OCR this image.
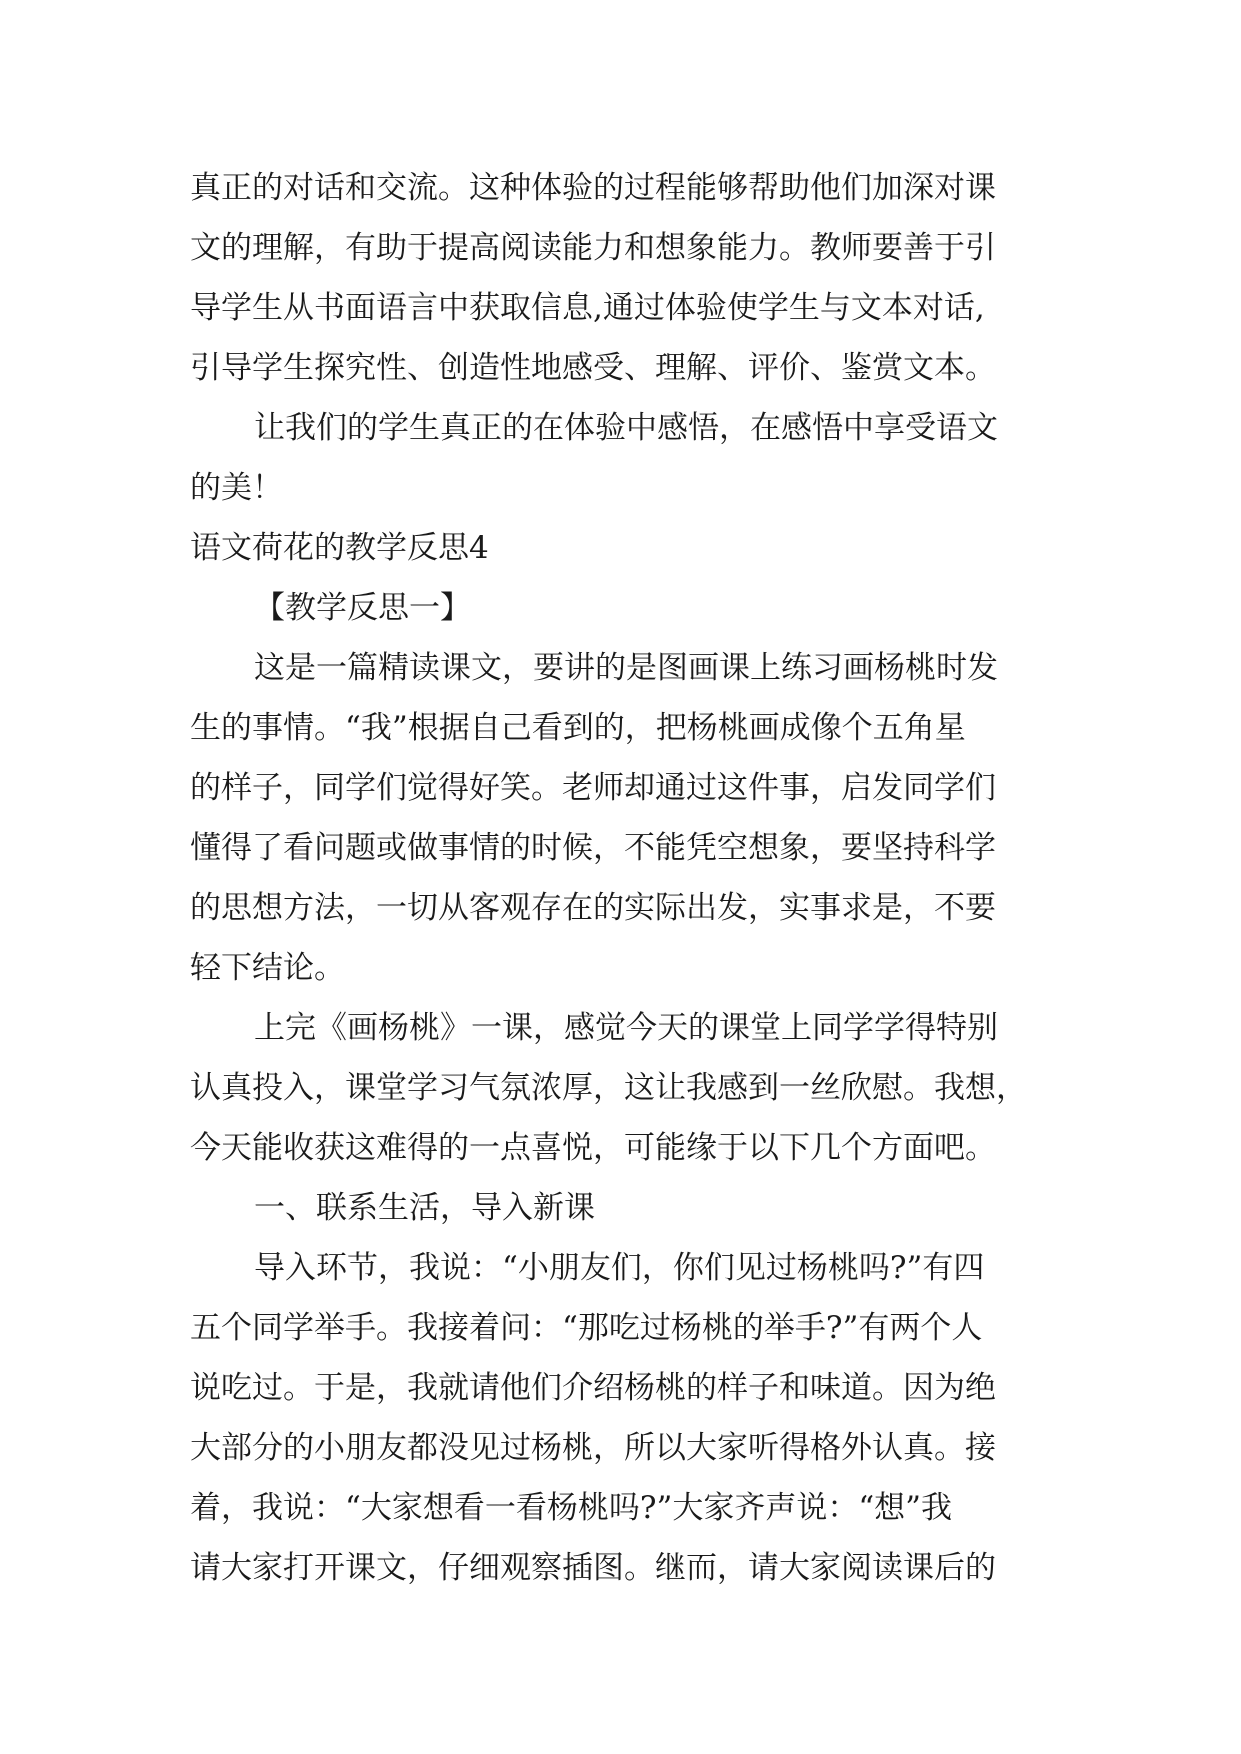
真正的对话和交流。这种体验的过程能够帮助他们加深对课
文的理解，有助于提高阅读能力和想象能力。教师要善于引
导学生从书面语言中获取信息,通过体验使学生与文本对话,
引导学生探究性、创造性地感受、理解、评价、鉴赏文本。
让我们的学生真正的在体验中感悟，在感悟中享受语文
的美！
语文荷花的教学反思4
【教学反思一】
这是一篇精读课文，要讲的是图画课上练习画杨桃时发
生的事情。“我”根据自己看到的，把杨桃画成像个五角星
的样子，同学们觉得好笑。老师却通过这件事，启发同学们
懂得了看问题或做事情的时候，不能凭空想象，要坚持科学
的思想方法，一切从客观存在的实际出发，实事求是，不要
轻下结论。
上完《画杨桃》一课，感觉今天的课堂上同学学得特别
认真投入，课堂学习气氛浓厚，这让我感到一丝欣慰。我想，
今天能收获这难得的一点喜悦，可能缘于以下几个方面吧。
一、联系生活，导入新课
导入环节，我说：“小朋友们，你们见过杨桃吗?”有四
五个同学举手。我接着问：“那吃过杨桃的举手?”有两个人
说吃过。于是，我就请他们介绍杨桃的样子和味道。因为绝
大部分的小朋友都没见过杨桃，所以大家听得格外认真。接
着，我说：“大家想看一看杨桃吗?”大家齐声说：“想”我
请大家打开课文，仔细观察插图。继而，请大家阅读课后的
